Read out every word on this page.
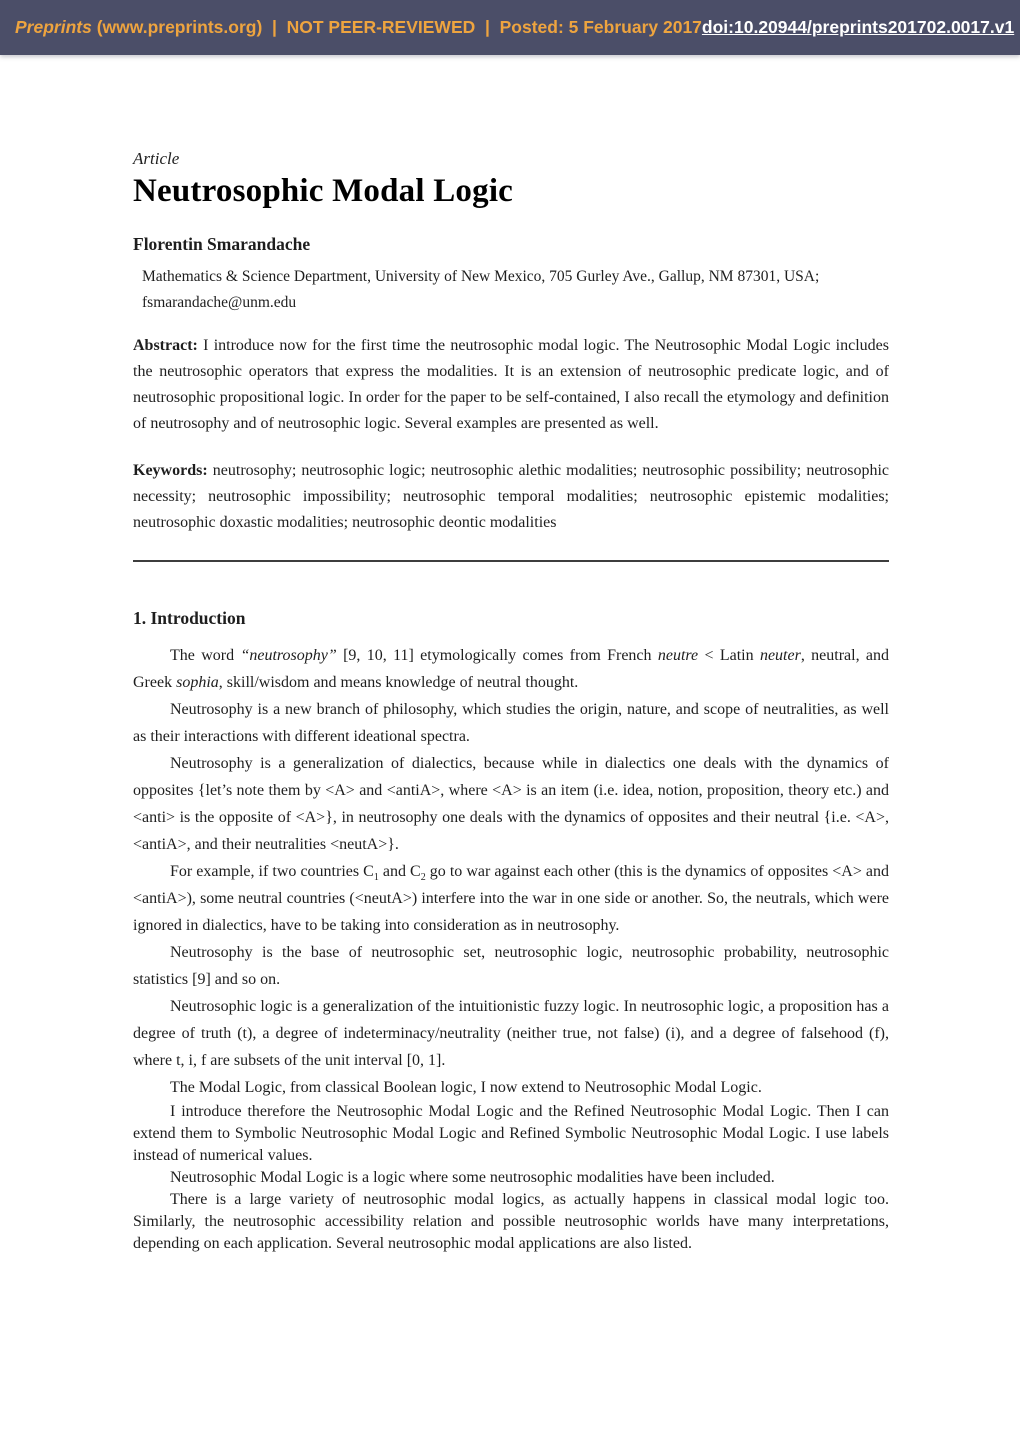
Preprints (www.preprints.org)  |  NOT PEER-REVIEWED  |  Posted: 5 February 2017 doi:10.20944/preprints201702.0017.v1
Article
Neutrosophic Modal Logic
Florentin Smarandache
Mathematics & Science Department, University of New Mexico, 705 Gurley Ave., Gallup, NM 87301, USA;
fsmarandache@unm.edu

Abstract: I introduce now for the first time the neutrosophic modal logic. The Neutrosophic Modal Logic includes the neutrosophic operators that express the modalities. It is an extension of neutrosophic predicate logic, and of neutrosophic propositional logic. In order for the paper to be self-contained, I also recall the etymology and definition of neutrosophy and of neutrosophic logic. Several examples are presented as well.

Keywords: neutrosophy; neutrosophic logic; neutrosophic alethic modalities; neutrosophic possibility; neutrosophic necessity; neutrosophic impossibility; neutrosophic temporal modalities; neutrosophic epistemic modalities; neutrosophic doxastic modalities; neutrosophic deontic modalities

1. Introduction

The word “neutrosophy” [9, 10, 11] etymologically comes from French neutre < Latin neuter, neutral, and Greek sophia, skill/wisdom and means knowledge of neutral thought.

Neutrosophy is a new branch of philosophy, which studies the origin, nature, and scope of neutralities, as well as their interactions with different ideational spectra.

Neutrosophy is a generalization of dialectics, because while in dialectics one deals with the dynamics of opposites {let’s note them by <A> and <antiA>, where <A> is an item (i.e. idea, notion, proposition, theory etc.) and <anti> is the opposite of <A>}, in neutrosophy one deals with the dynamics of opposites and their neutral {i.e. <A>, <antiA>, and their neutralities <neutA>}.

For example, if two countries $C_1$ and $C_2$ go to war against each other (this is the dynamics of opposites <A> and <antiA>), some neutral countries (<neutA>) interfere into the war in one side or another. So, the neutrals, which were ignored in dialectics, have to be taking into consideration as in neutrosophy.

Neutrosophy is the base of neutrosophic set, neutrosophic logic, neutrosophic probability, neutrosophic statistics [9] and so on.

Neutrosophic logic is a generalization of the intuitionistic fuzzy logic. In neutrosophic logic, a proposition has a degree of truth (t), a degree of indeterminacy/neutrality (neither true, not false) (i), and a degree of falsehood (f), where t, i, f are subsets of the unit interval [0, 1].

The Modal Logic, from classical Boolean logic, I now extend to Neutrosophic Modal Logic.

I introduce therefore the Neutrosophic Modal Logic and the Refined Neutrosophic Modal Logic. Then I can extend them to Symbolic Neutrosophic Modal Logic and Refined Symbolic Neutrosophic Modal Logic. I use labels instead of numerical values.

Neutrosophic Modal Logic is a logic where some neutrosophic modalities have been included.

There is a large variety of neutrosophic modal logics, as actually happens in classical modal logic too. Similarly, the neutrosophic accessibility relation and possible neutrosophic worlds have many interpretations, depending on each application. Several neutrosophic modal applications are also listed.
